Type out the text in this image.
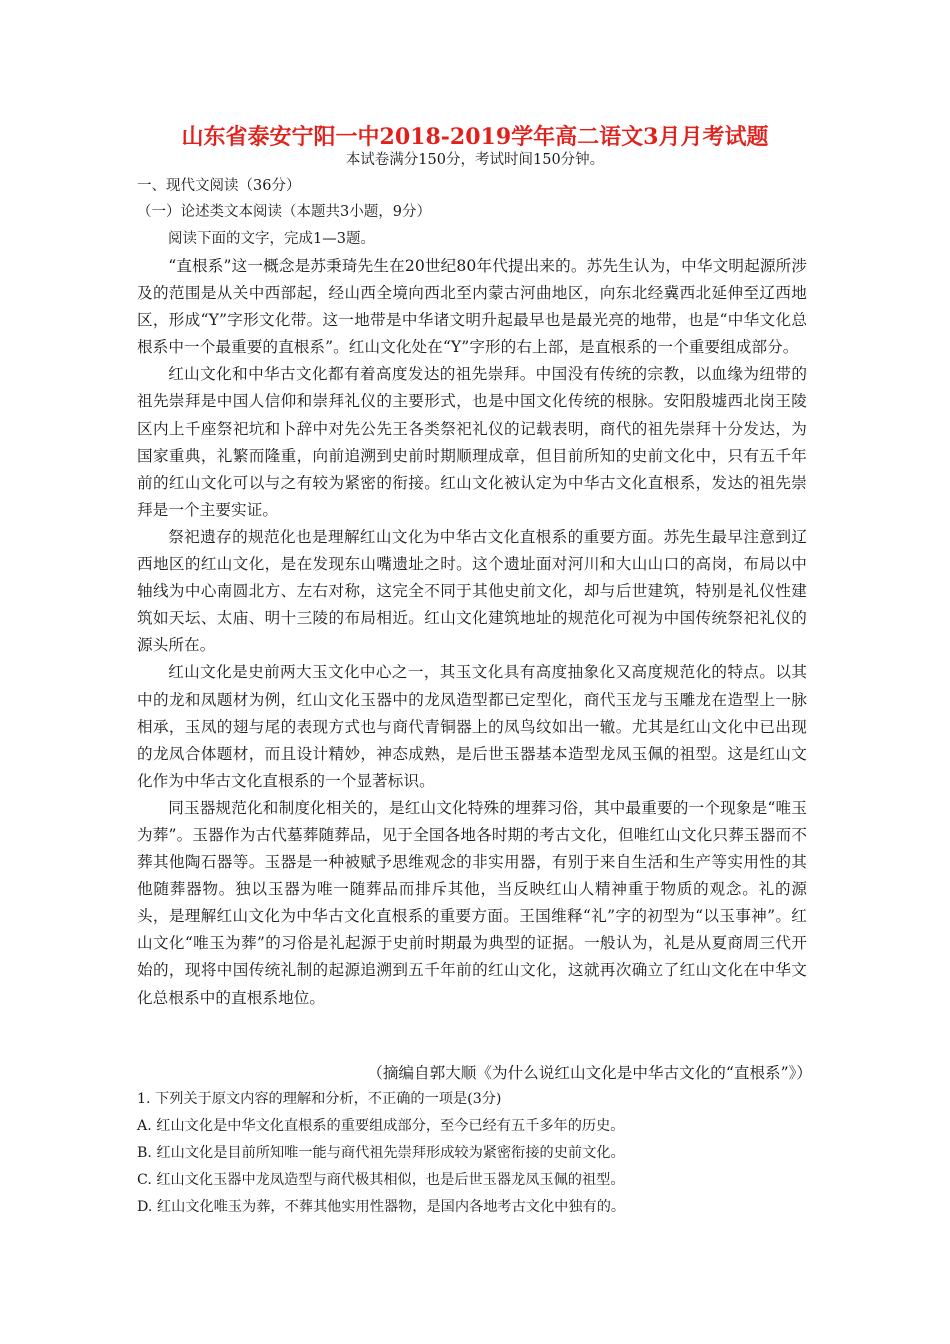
山东省泰安宁阳一中2018-2019学年高二语文3月月考试题
本试卷满分150分，考试时间150分钟。
一、现代文阅读（36分）
（一）论述类文本阅读（本题共3小题，9分）
阅读下面的文字，完成1—3题。

“直根系”这一概念是苏秉琦先生在20世纪80年代提出来的。苏先生认为，中华文明起源所涉及的范围是从关中西部起，经山西全境向西北至内蒙古河曲地区，向东北经冀西北延伸至辽西地区，形成“Y”字形文化带。这一地带是中华诸文明升起最早也是最光亮的地带，也是“中华文化总根系中一个最重要的直根系”。红山文化处在“Y”字形的右上部，是直根系的一个重要组成部分。

红山文化和中华古文化都有着高度发达的祖先崇拜。中国没有传统的宗教，以血缘为纽带的祖先崇拜是中国人信仰和崇拜礼仪的主要形式，也是中国文化传统的根脉。安阳殷墟西北岗王陵区内上千座祭祀坑和卜辞中对先公先王各类祭祀礼仪的记载表明，商代的祖先崇拜十分发达，为国家重典，礼繁而隆重，向前追溯到史前时期顺理成章，但目前所知的史前文化中，只有五千年前的红山文化可以与之有较为紧密的衔接。红山文化被认定为中华古文化直根系，发达的祖先崇拜是一个主要实证。

祭祀遗存的规范化也是理解红山文化为中华古文化直根系的重要方面。苏先生最早注意到辽西地区的红山文化，是在发现东山嘴遗址之时。这个遗址面对河川和大山山口的高岗，布局以中轴线为中心南圆北方、左右对称，这完全不同于其他史前文化，却与后世建筑，特别是礼仪性建筑如天坛、太庙、明十三陵的布局相近。红山文化建筑地址的规范化可视为中国传统祭祀礼仪的源头所在。

红山文化是史前两大玉文化中心之一，其玉文化具有高度抽象化又高度规范化的特点。以其中的龙和凤题材为例，红山文化玉器中的龙凤造型都已定型化，商代玉龙与玉雕龙在造型上一脉相承，玉凤的翅与尾的表现方式也与商代青铜器上的凤鸟纹如出一辙。尤其是红山文化中已出现的龙凤合体题材，而且设计精妙，神态成熟，是后世玉器基本造型龙凤玉佩的祖型。这是红山文化作为中华古文化直根系的一个显著标识。

同玉器规范化和制度化相关的，是红山文化特殊的埋葬习俗，其中最重要的一个现象是“唯玉为葬”。玉器作为古代墓葬随葬品，见于全国各地各时期的考古文化，但唯红山文化只葬玉器而不葬其他陶石器等。玉器是一种被赋予思维观念的非实用器，有别于来自生活和生产等实用性的其他随葬器物。独以玉器为唯一随葬品而排斥其他，当反映红山人精神重于物质的观念。礼的源头，是理解红山文化为中华古文化直根系的重要方面。王国维释“礼”字的初型为“以玉事神”。红山文化“唯玉为葬”的习俗是礼起源于史前时期最为典型的证据。一般认为，礼是从夏商周三代开始的，现将中国传统礼制的起源追溯到五千年前的红山文化，这就再次确立了红山文化在中华文化总根系中的直根系地位。

（摘编自郭大顺《为什么说红山文化是中华古文化的“直根系”》）
1. 下列关于原文内容的理解和分析，不正确的一项是(3分)
A. 红山文化是中华文化直根系的重要组成部分，至今已经有五千多年的历史。
B. 红山文化是目前所知唯一能与商代祖先崇拜形成较为紧密衔接的史前文化。
C. 红山文化玉器中龙凤造型与商代极其相似，也是后世玉器龙凤玉佩的祖型。
D. 红山文化唯玉为葬，不葬其他实用性器物，是国内各地考古文化中独有的。
